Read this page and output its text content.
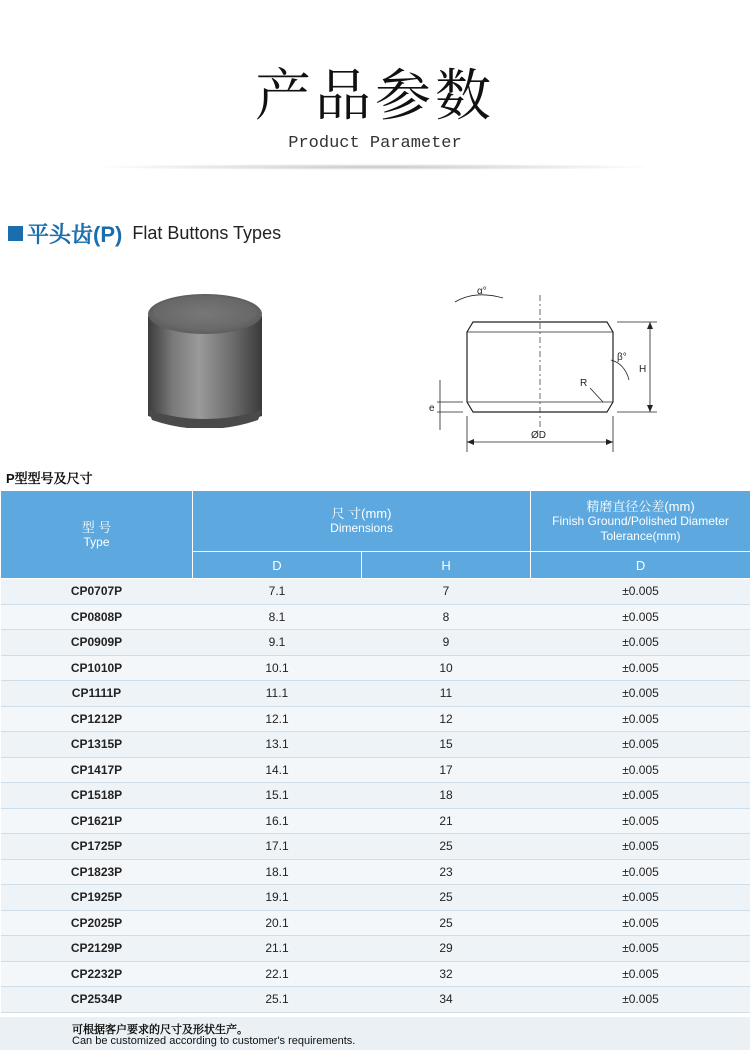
产品参数
Product Parameter
平头齿(P) Flat Buttons Types
α°
β°
R
H
e
ØD
P型型号及尺寸
型 号
Type	尺 寸(mm)
Dimensions		精磨直径公差(mm)
Finish Ground/Polished Diameter Tolerance(mm)

	D	H	D
CP0707P	7.1	7	±0.005
CP0808P	8.1	8	±0.005
CP0909P	9.1	9	±0.005
CP1010P	10.1	10	±0.005
CP1111P	11.1	11	±0.005
CP1212P	12.1	12	±0.005
CP1315P	13.1	15	±0.005
CP1417P	14.1	17	±0.005
CP1518P	15.1	18	±0.005
CP1621P	16.1	21	±0.005
CP1725P	17.1	25	±0.005
CP1823P	18.1	23	±0.005
CP1925P	19.1	25	±0.005
CP2025P	20.1	25	±0.005
CP2129P	21.1	29	±0.005
CP2232P	22.1	32	±0.005
CP2534P	25.1	34	±0.005
可根据客户要求的尺寸及形状生产。
Can be customized according to customer's requirements.
